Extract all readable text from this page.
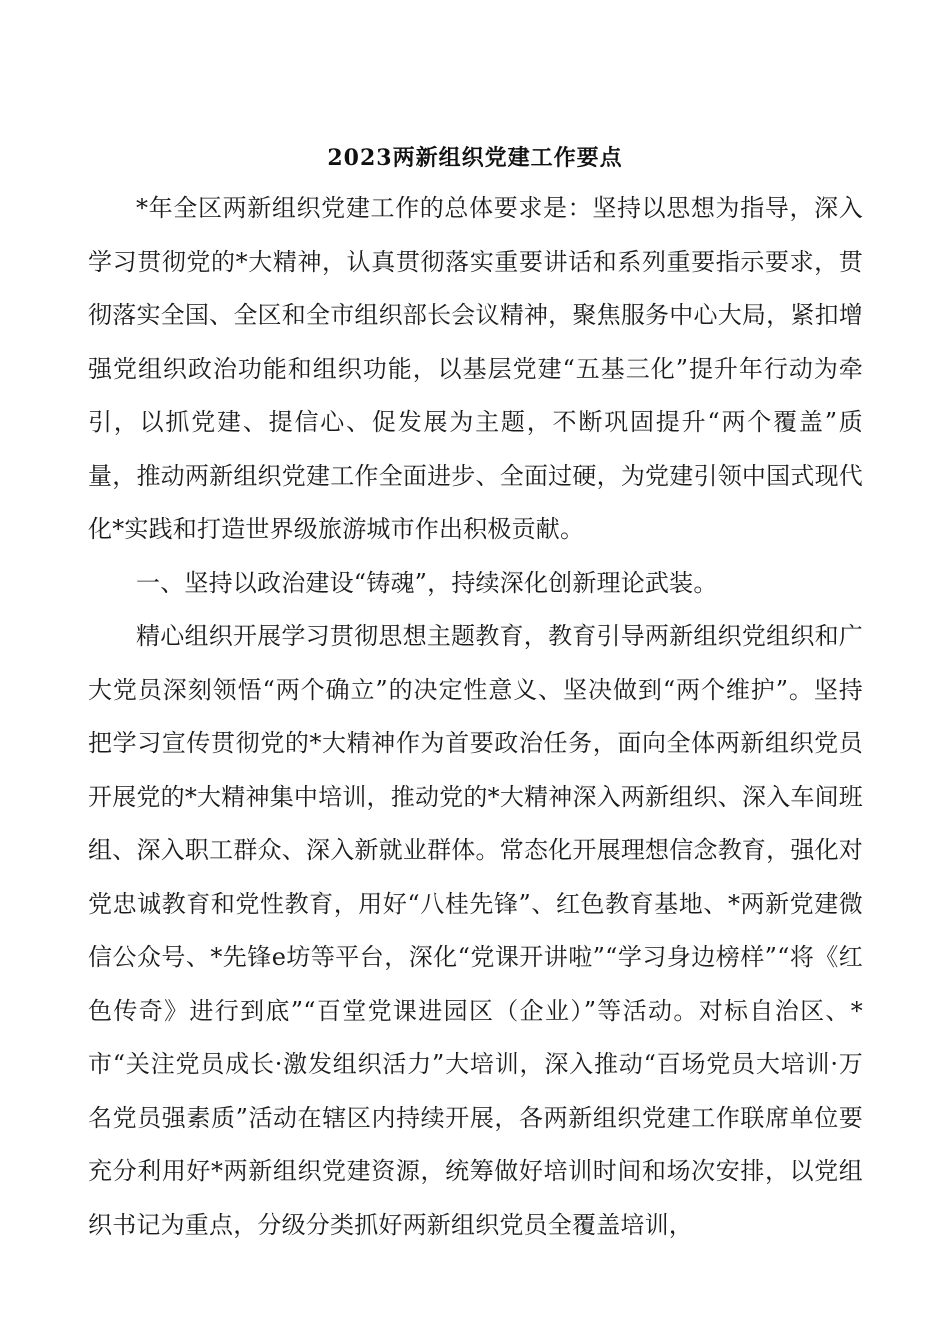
2023两新组织党建工作要点

*年全区两新组织党建工作的总体要求是：坚持以思想为指导，深入学习贯彻党的*大精神，认真贯彻落实重要讲话和系列重要指示要求，贯彻落实全国、全区和全市组织部长会议精神，聚焦服务中心大局，紧扣增强党组织政治功能和组织功能，以基层党建“五基三化”提升年行动为牵引，以抓党建、提信心、促发展为主题，不断巩固提升“两个覆盖”质量，推动两新组织党建工作全面进步、全面过硬，为党建引领中国式现代化*实践和打造世界级旅游城市作出积极贡献。

一、坚持以政治建设“铸魂”，持续深化创新理论武装。

精心组织开展学习贯彻思想主题教育，教育引导两新组织党组织和广大党员深刻领悟“两个确立”的决定性意义、坚决做到“两个维护”。坚持把学习宣传贯彻党的*大精神作为首要政治任务，面向全体两新组织党员开展党的*大精神集中培训，推动党的*大精神深入两新组织、深入车间班组、深入职工群众、深入新就业群体。常态化开展理想信念教育，强化对党忠诚教育和党性教育，用好“八桂先锋”、红色教育基地、*两新党建微信公众号、*先锋e坊等平台，深化“党课开讲啦”“学习身边榜样”“将《红色传奇》进行到底”“百堂党课进园区（企业）”等活动。对标自治区、*市“关注党员成长·激发组织活力”大培训，深入推动“百场党员大培训·万名党员强素质”活动在辖区内持续开展，各两新组织党建工作联席单位要充分利用好*两新组织党建资源，统筹做好培训时间和场次安排，以党组织书记为重点，分级分类抓好两新组织党员全覆盖培训，
